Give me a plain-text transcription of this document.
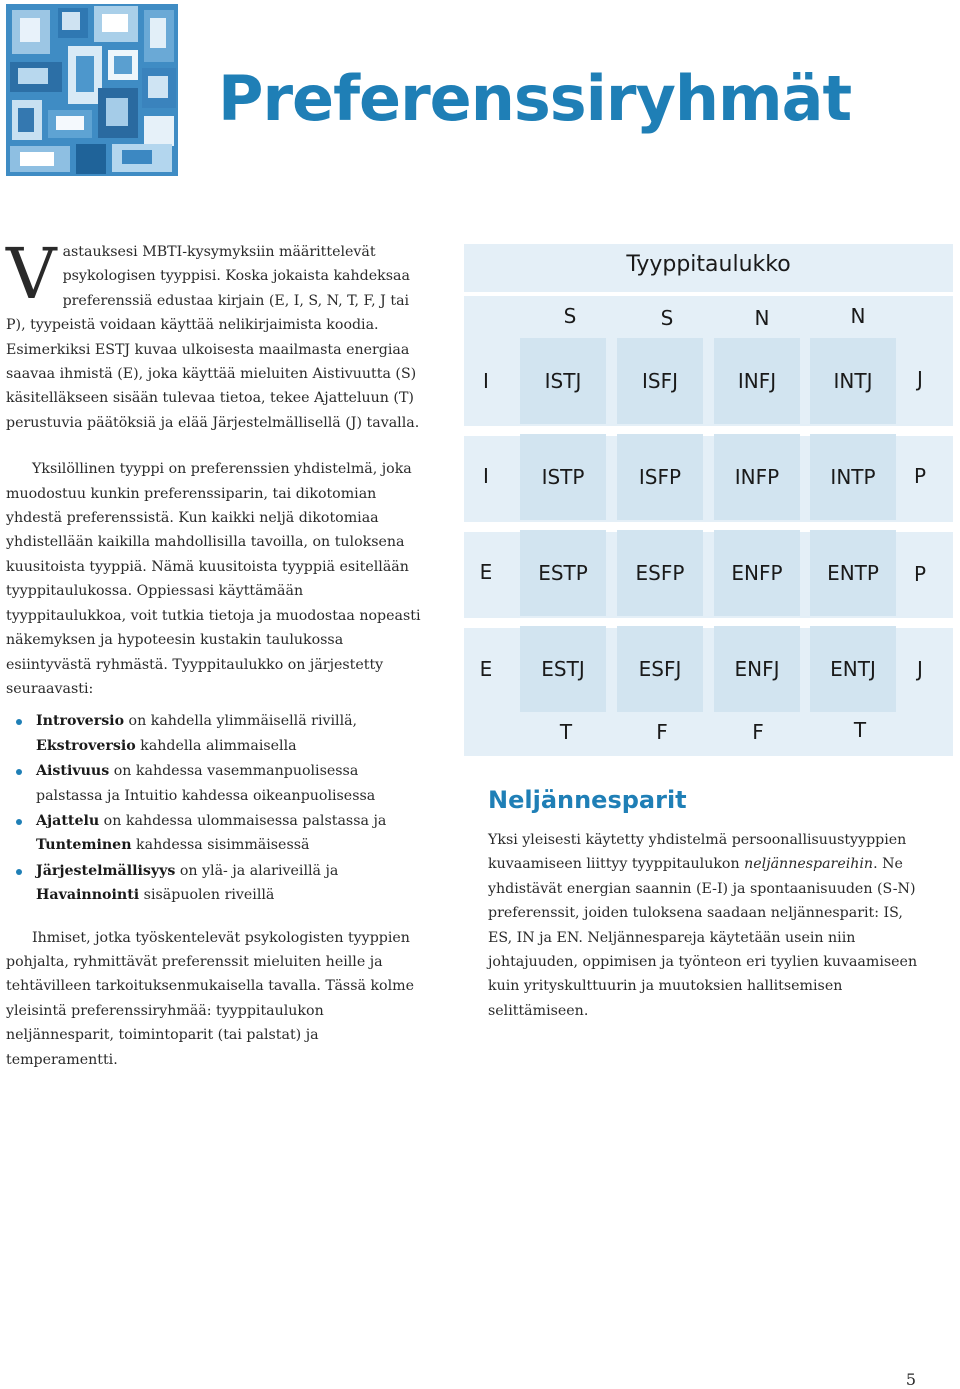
Preferenssiryhmät

Vastauksesi MBTI-kysymyksiin määrittelevät psykologisen tyyppisi. Koska jokaista kahdeksaa preferenssiä edustaa kirjain (E, I, S, N, T, F, J tai P), tyypeistä voidaan käyttää nelikirjaimista koodia. Esimerkiksi ESTJ kuvaa ulkoisesta maailmasta energiaa saavaa ihmistä (E), joka käyttää mieluiten Aistivuutta (S) käsitelläkseen sisään tulevaa tietoa, tekee Ajatteluun (T) perustuvia päätöksiä ja elää Järjestelmällisellä (J) tavalla.

Yksilöllinen tyyppi on preferenssien yhdistelmä, joka muodostuu kunkin preferenssiparin, tai dikotomian yhdestä preferenssistä. Kun kaikki neljä dikotomiaa yhdistellään kaikilla mahdollisilla tavoilla, on tuloksena kuusitoista tyyppiä. Nämä kuusitoista tyyppiä esitellään tyyppitaulukossa. Oppiessasi käyttämään tyyppitaulukkoa, voit tutkia tietoja ja muodostaa nopeasti näkemyksen ja hypoteesin kustakin taulukossa esiintyvästä ryhmästä. Tyyppitaulukko on järjestetty seuraavasti:

Introversio on kahdella ylimmäisellä rivillä, Ekstroversio kahdella alimmaisella
Aistivuus on kahdessa vasemmanpuolisessa palstassa ja Intuitio kahdessa oikeanpuolisessa
Ajattelu on kahdessa ulommaisessa palstassa ja Tunteminen kahdessa sisimmäisessä
Järjestelmällisyys on ylä- ja alariveillä ja Havainnointi sisäpuolen riveillä

Ihmiset, jotka työskentelevät psykologisten tyyppien pohjalta, ryhmittävät preferenssit mieluiten heille ja tehtävilleen tarkoituksenmukaisella tavalla. Tässä kolme yleisintä preferenssiryhmää: tyyppitaulukon neljännesparit, toimintoparit (tai palstat) ja temperamentti.

Tyyppitaulukko
S	S	N	N
I	ISTJ	ISFJ	INFJ	INTJ	J
I	ISTP	ISFP	INFP	INTP	P
E	ESTP	ESFP	ENFP	ENTP	P
E	ESTJ	ESFJ	ENFJ	ENTJ	J
T	F	F	T
Neljännesparit

Yksi yleisesti käytetty yhdistelmä persoonallisuustyyppien kuvaamiseen liittyy tyyppitaulukon neljännespareihin. Ne yhdistävät energian saannin (E-I) ja spontaanisuuden (S-N) preferenssit, joiden tuloksena saadaan neljännesparit: IS, ES, IN ja EN. Neljännespareja käytetään usein niin johtajuuden, oppimisen ja työnteon eri tyylien kuvaamiseen kuin yrityskulttuurin ja muutoksien hallitsemisen selittämiseen.

5
